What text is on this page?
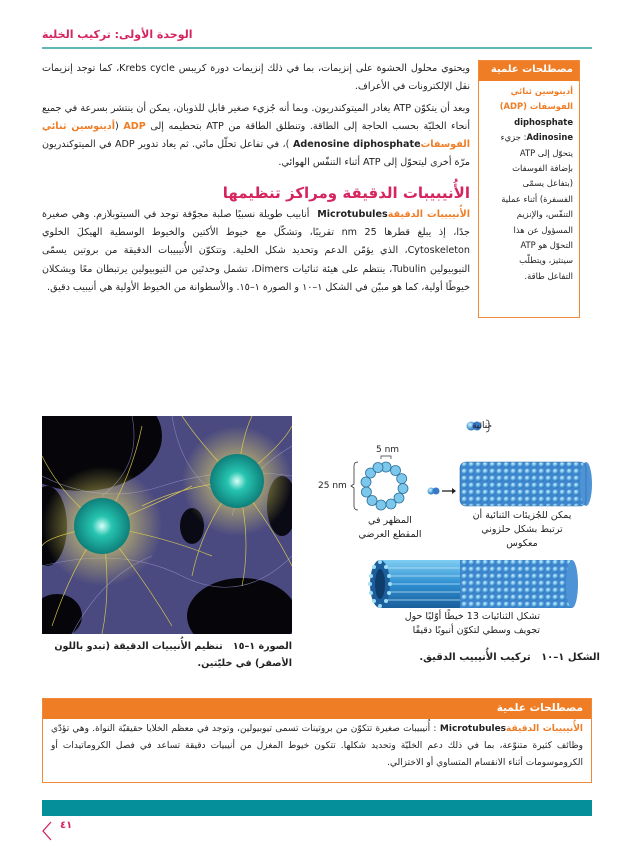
الوحدة الأولى: تركيب الخلية
مصطلحات علمية
أدينوسين ثنائي الفوسفات (ADP)
diphosphate
Adinosine: جزيء
يتحوّل إلى ATP
بإضافة الفوسفات
(بتفاعل يسمّى
الفسفرة) أثناء عملية
التنفّس، والإنزيم
المسؤول عن هذا
التحوّل هو ATP
سينثيز، ويتطلّب
التفاعل طاقة.

ويحتوي محلول الحشوة على إنزيمات، بما في ذلك إنزيمات دورة كريبس Krebs cycle، كما توجد إنزيمات نقل الإلكترونات في الأعراف.

وبعد أن يتكوّن ATP يغادر الميتوكندريون. وبما أنه جُزيء صغير قابل للذوبان، يمكن أن ينتشر بسرعة في جميع أنحاء الخليّة بحسب الحاجة إلى الطاقة. وتنطلق الطاقة من ATP بتحطيمه إلى ADP (أدينوسين ثنائي الفوسفات Adenosine diphosphate)، في تفاعل تحلّل مائي. ثم يعاد تدوير ADP في الميتوكندريون مرّة أخرى ليتحوّل إلى ATP أثناء التنفّس الهوائي.

الأُنيبيبات الدقيقة ومراكز تنظيمها

الأُنيبيبات الدقيقة Microtubules أنابيب طويلة نسبيًا صلبة مجوّفة توجد في السيتوبلازم. وهي صغيرة جدًا، إذ يبلغ قطرها 25 nm تقريبًا، وتشكّل مع خيوط الأكتين والخيوط الوسطية الهيكلَ الخلوي Cytoskeleton، الذي يؤمّن الدعم وتحديد شكل الخلية. وتتكوّن الأُنيبيبات الدقيقة من بروتين يسمّى التيوبيولين Tubulin، ينتظم على هيئة ثنائيات Dimers، تشمل وحدتَين من التيوبيولين يرتبطان معًا ويشكلان خيوطًا أولية، كما هو مبيّن في الشكل ١–١٠ و الصورة ١–١٥. والأسطوانة من الخيوط الأولية هي أنيبيب دقيق.

الصورة ١–١٥   تنظيم الأُنيبيات الدقيقة (تبدو باللون الأصفر) في خليّتين.
ثنائية
5 nm
25 nm
المظهر في المقطع العرضي
يمكن للجُزيئات الثنائية أن ترتبط بشكل حلزوني معكوس
تشكل الثنائيات 13 خيطًا أوّليًا حول تجويف وسطي لتكوّن أنبوبًا دقيقًا
الشكل ١–١٠   تركيب الأُنيبيب الدقيق.
مصطلحات علمية
الأُنيبيبات الدقيقة Microtubules: أُنيبيبات صغيرة تتكوّن من بروتينات تسمى تيوبيولين، وتوجد في معظم الخلايا حقيقيّة النواة. وهي تؤدّي وظائف كثيرة متنوّعة، بما في ذلك دعم الخليّة وتحديد شكلها. تتكون خيوط المغزل من أنيبيات دقيقة تساعد في فصل الكروماتيدات أو الكروموسومات أثناء الانقسام المتساوي أو الاختزالي.
٤١
